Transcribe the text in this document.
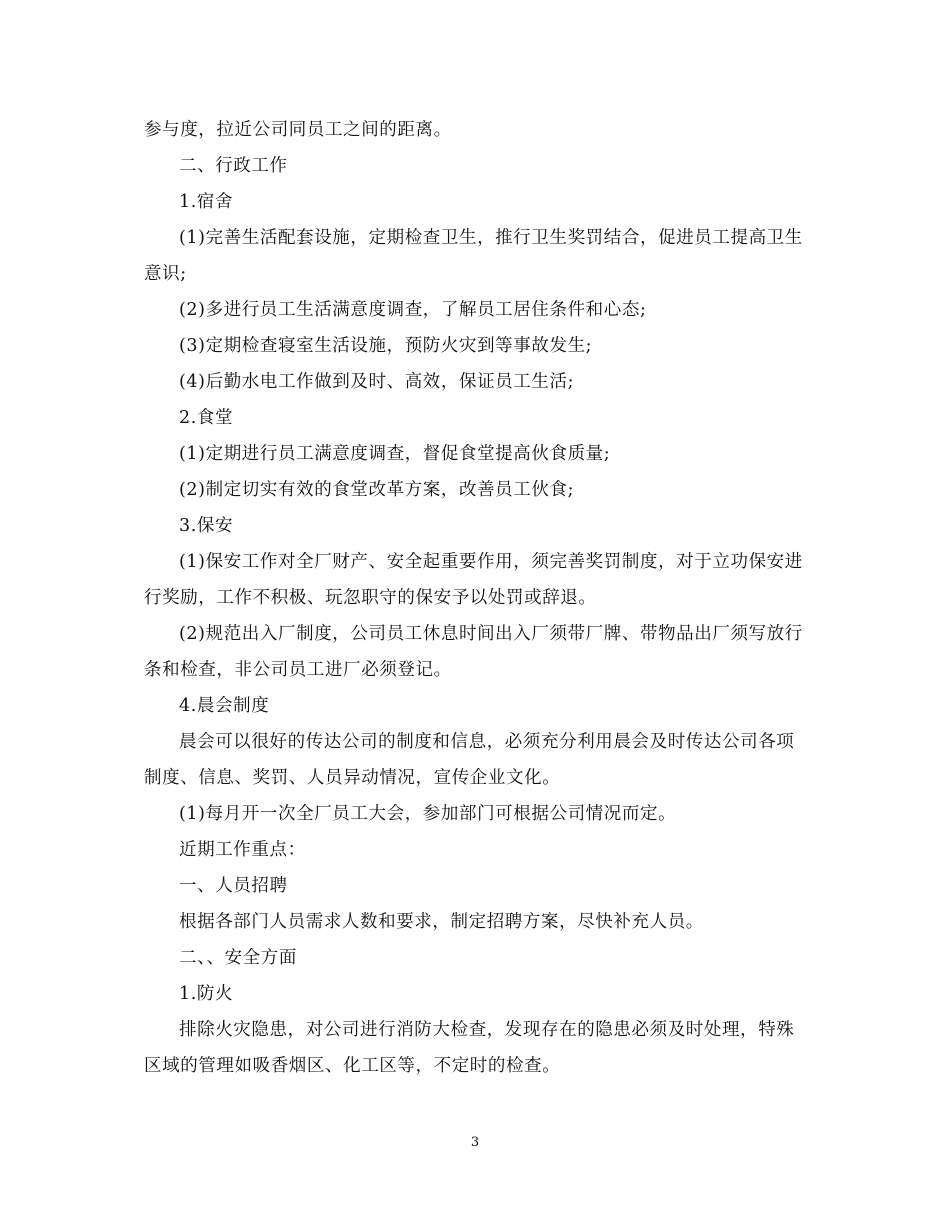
参与度，拉近公司同员工之间的距离。

二、行政工作

1.宿舍

(1)完善生活配套设施，定期检查卫生，推行卫生奖罚结合，促进员工提高卫生意识;

(2)多进行员工生活满意度调查，了解员工居住条件和心态;

(3)定期检查寝室生活设施，预防火灾到等事故发生;

(4)后勤水电工作做到及时、高效，保证员工生活;

2.食堂

(1)定期进行员工满意度调查，督促食堂提高伙食质量;

(2)制定切实有效的食堂改革方案，改善员工伙食;

3.保安

(1)保安工作对全厂财产、安全起重要作用，须完善奖罚制度，对于立功保安进行奖励，工作不积极、玩忽职守的保安予以处罚或辞退。

(2)规范出入厂制度，公司员工休息时间出入厂须带厂牌、带物品出厂须写放行条和检查，非公司员工进厂必须登记。

4.晨会制度

晨会可以很好的传达公司的制度和信息，必须充分利用晨会及时传达公司各项制度、信息、奖罚、人员异动情况，宣传企业文化。

(1)每月开一次全厂员工大会，参加部门可根据公司情况而定。

近期工作重点：

一、人员招聘

根据各部门人员需求人数和要求，制定招聘方案，尽快补充人员。

二、、安全方面

1.防火

排除火灾隐患，对公司进行消防大检查，发现存在的隐患必须及时处理，特殊区域的管理如吸香烟区、化工区等，不定时的检查。

3
